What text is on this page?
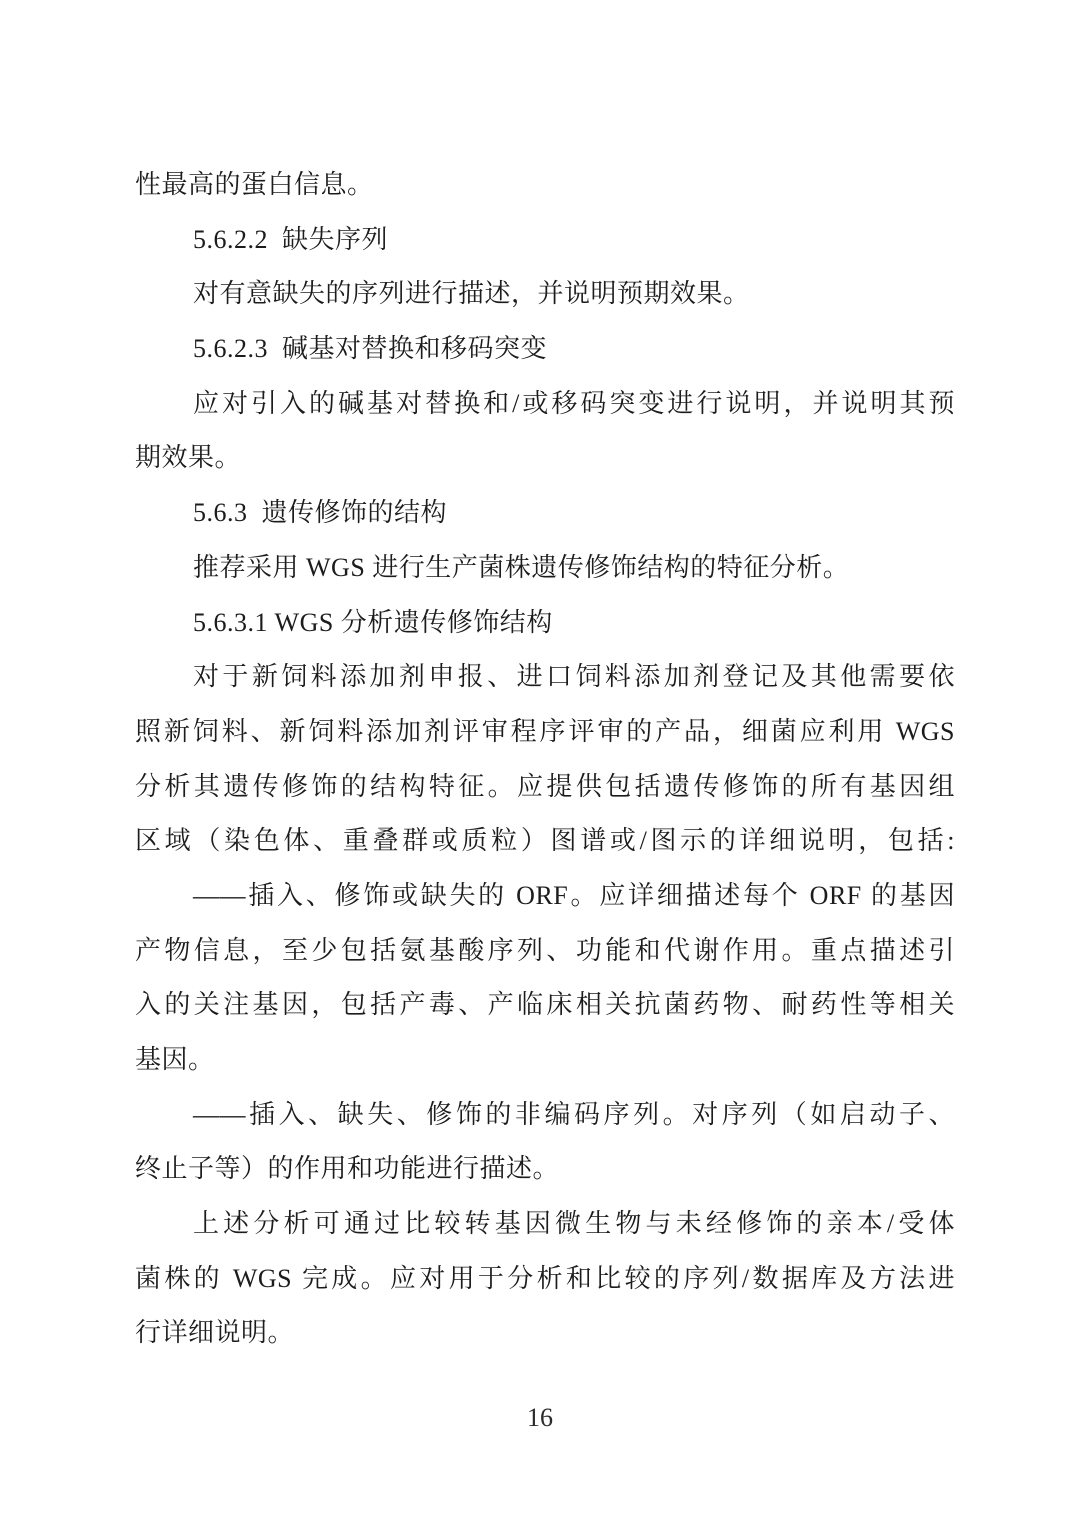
性最高的蛋白信息。
5.6.2.2  缺失序列
对有意缺失的序列进行描述，并说明预期效果。
5.6.2.3  碱基对替换和移码突变
应对引入的碱基对替换和/或移码突变进行说明，并说明其预
期效果。
5.6.3  遗传修饰的结构
推荐采用 WGS 进行生产菌株遗传修饰结构的特征分析。
5.6.3.1 WGS 分析遗传修饰结构
对于新饲料添加剂申报、进口饲料添加剂登记及其他需要依
照新饲料、新饲料添加剂评审程序评审的产品，细菌应利用 WGS
分析其遗传修饰的结构特征。应提供包括遗传修饰的所有基因组
区域（染色体、重叠群或质粒）图谱或/图示的详细说明，包括:
——插入、修饰或缺失的 ORF。应详细描述每个 ORF 的基因
产物信息，至少包括氨基酸序列、功能和代谢作用。重点描述引
入的关注基因，包括产毒、产临床相关抗菌药物、耐药性等相关
基因。
——插入、缺失、修饰的非编码序列。对序列（如启动子、
终止子等）的作用和功能进行描述。
上述分析可通过比较转基因微生物与未经修饰的亲本/受体
菌株的 WGS 完成。应对用于分析和比较的序列/数据库及方法进
行详细说明。
16
